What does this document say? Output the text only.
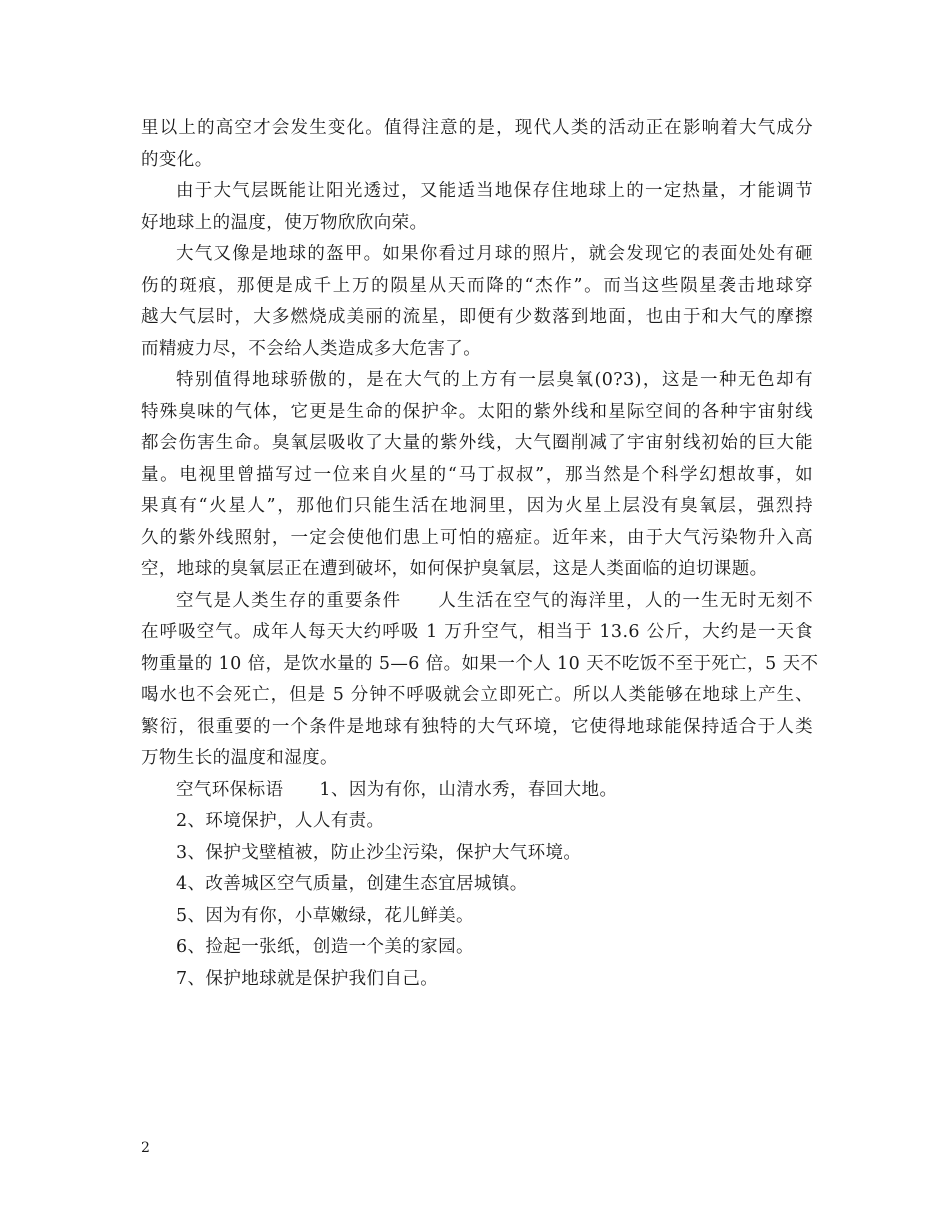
里以上的高空才会发生变化。值得注意的是，现代人类的活动正在影响着大气成分
的变化。
由于大气层既能让阳光透过，又能适当地保存住地球上的一定热量，才能调节
好地球上的温度，使万物欣欣向荣。
大气又像是地球的盔甲。如果你看过月球的照片，就会发现它的表面处处有砸
伤的斑痕，那便是成千上万的陨星从天而降的“杰作”。而当这些陨星袭击地球穿
越大气层时，大多燃烧成美丽的流星，即便有少数落到地面，也由于和大气的摩擦
而精疲力尽，不会给人类造成多大危害了。
特别值得地球骄傲的，是在大气的上方有一层臭氧(0?3)，这是一种无色却有
特殊臭味的气体，它更是生命的保护伞。太阳的紫外线和星际空间的各种宇宙射线
都会伤害生命。臭氧层吸收了大量的紫外线，大气圈削减了宇宙射线初始的巨大能
量。电视里曾描写过一位来自火星的“马丁叔叔”，那当然是个科学幻想故事，如
果真有“火星人”，那他们只能生活在地洞里，因为火星上层没有臭氧层，强烈持
久的紫外线照射，一定会使他们患上可怕的癌症。近年来，由于大气污染物升入高
空，地球的臭氧层正在遭到破坏，如何保护臭氧层，这是人类面临的迫切课题。
空气是人类生存的重要条件 人生活在空气的海洋里，人的一生无时无刻不
在呼吸空气。成年人每天大约呼吸 1 万升空气，相当于 13.6 公斤，大约是一天食
物重量的 10 倍，是饮水量的 5—6 倍。如果一个人 10 天不吃饭不至于死亡，5 天不
喝水也不会死亡，但是 5 分钟不呼吸就会立即死亡。所以人类能够在地球上产生、
繁衍，很重要的一个条件是地球有独特的大气环境，它使得地球能保持适合于人类
万物生长的温度和湿度。
空气环保标语 1、因为有你，山清水秀，春回大地。
2、环境保护，人人有责。
3、保护戈壁植被，防止沙尘污染，保护大气环境。
4、改善城区空气质量，创建生态宜居城镇。
5、因为有你，小草嫩绿，花儿鲜美。
6、捡起一张纸，创造一个美的家园。
7、保护地球就是保护我们自己。
2
